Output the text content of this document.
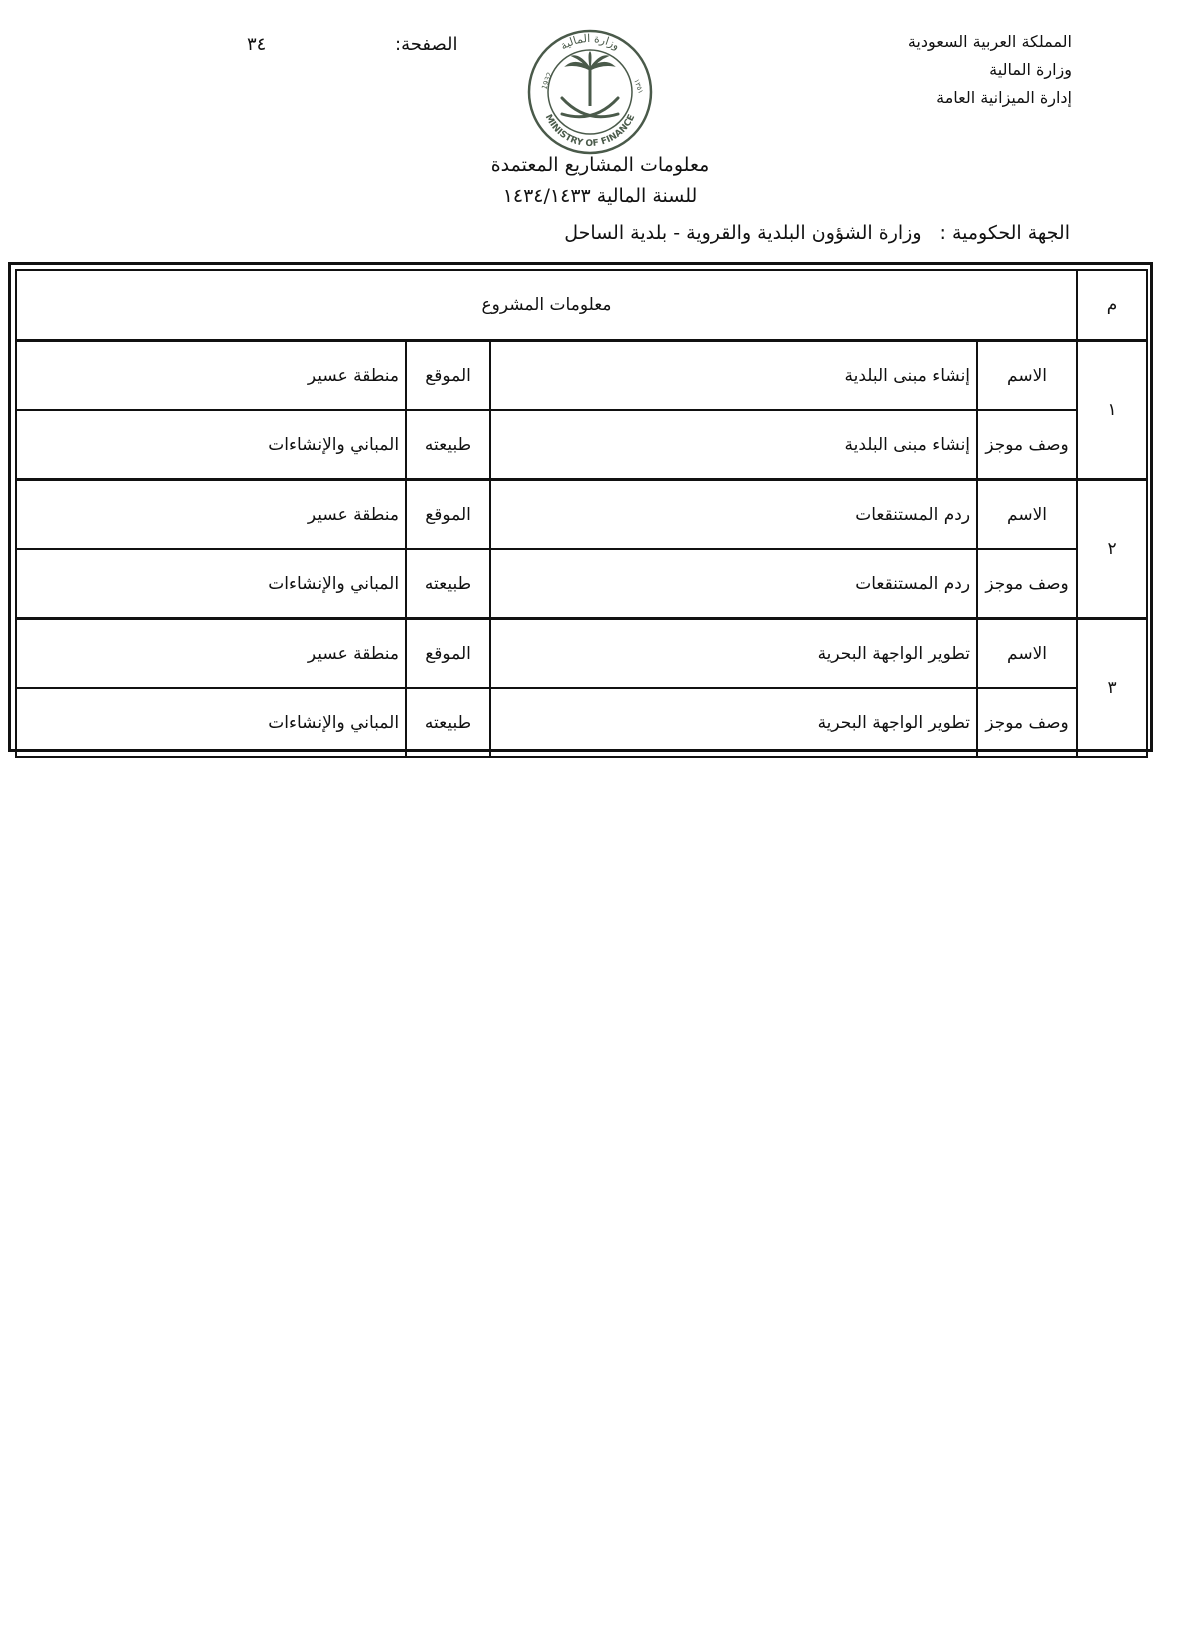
المملكة العربية السعودية
وزارة المالية
إدارة الميزانية العامة
الصفحة:
٣٤	وزارة المالية
MINISTRY OF FINANCE
1932	١٣٥١
معلومات المشاريع المعتمدة
للسنة المالية ١٤٣٤/١٤٣٣
الجهة الحكومية :وزارة الشؤون البلدية والقروية - بلدية الساحل
م	معلومات المشروع			
١	الاسم	إنشاء مبنى البلدية	الموقع	منطقة عسير
	وصف موجز	إنشاء مبنى البلدية	طبيعته	المباني والإنشاءات
٢	الاسم	ردم المستنقعات	الموقع	منطقة عسير
	وصف موجز	ردم المستنقعات	طبيعته	المباني والإنشاءات
٣	الاسم	تطوير الواجهة البحرية	الموقع	منطقة عسير
	وصف موجز	تطوير الواجهة البحرية	طبيعته	المباني والإنشاءات
